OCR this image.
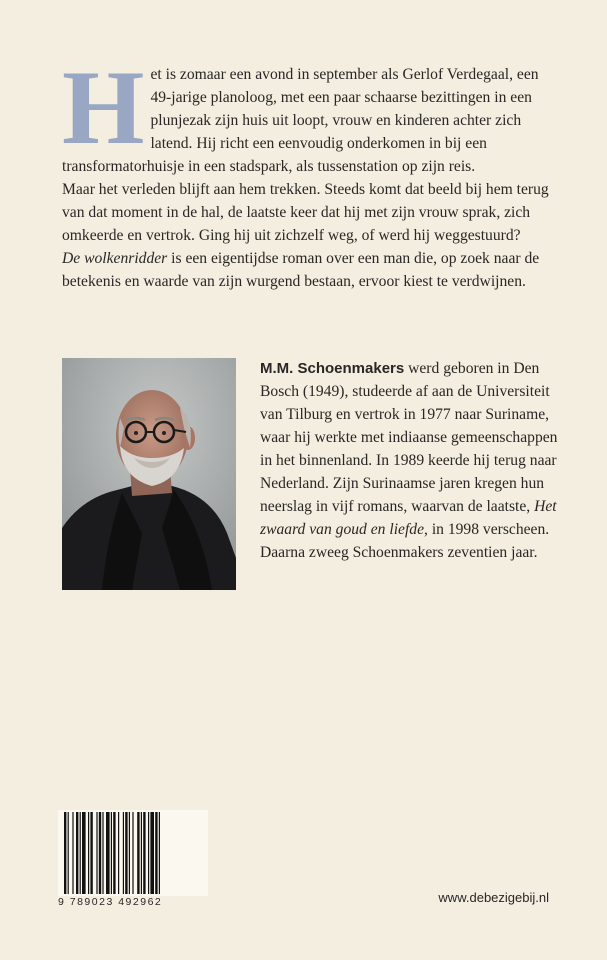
H et is zomaar een avond in september als Gerlof Verdegaal, een 49-jarige planoloog, met een paar schaarse bezittingen in een plunjezak zijn huis uit loopt, vrouw en kinderen achter zich latend. Hij richt een eenvoudig onderkomen in bij een transformatorhuisje in een stadspark, als tussenstation op zijn reis.

Maar het verleden blijft aan hem trekken. Steeds komt dat beeld bij hem terug van dat moment in de hal, de laatste keer dat hij met zijn vrouw sprak, zich omkeerde en vertrok. Ging hij uit zichzelf weg, of werd hij weggestuurd?

De wolkenridder is een eigentijdse roman over een man die, op zoek naar de betekenis en waarde van zijn wurgend bestaan, ervoor kiest te verdwijnen.

M.M. Schoenmakers werd geboren in Den Bosch (1949), studeerde af aan de Universiteit van Tilburg en vertrok in 1977 naar Suriname, waar hij werkte met indiaanse gemeenschappen in het binnenland. In 1989 keerde hij terug naar Nederland. Zijn Surinaamse jaren kregen hun neerslag in vijf romans, waarvan de laatste, Het zwaard van goud en liefde, in 1998 verscheen. Daarna zweeg Schoenmakers zeventien jaar.

9 789023 492962	www.debezigebij.nl
